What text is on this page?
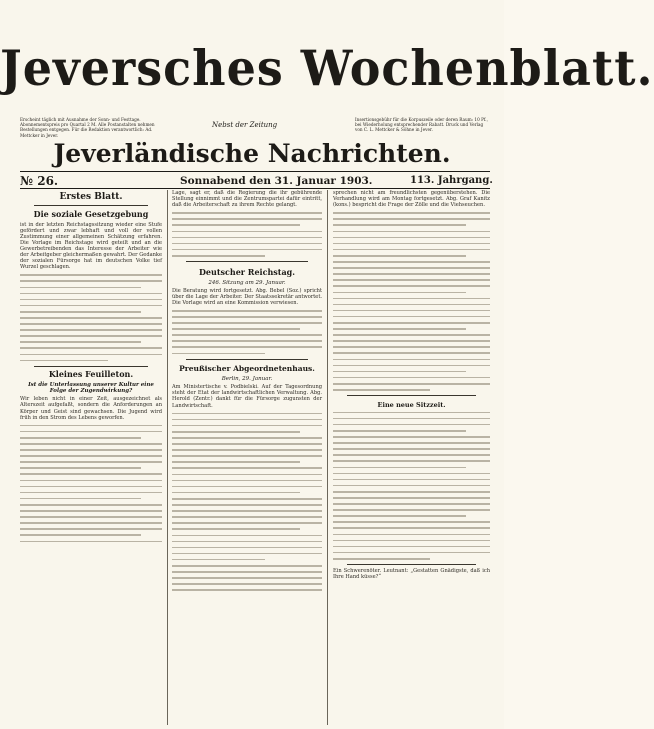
Jeversches Wochenblatt.
Erscheint täglich mit Ausnahme der Sonn- und Festtage. Abonnementspreis pro Quartal 2 M. Alle Postanstalten nehmen Bestellungen entgegen. Für die Redaktion verantwortlich: Ad. Mettcker in Jever.
Nebst der Zeitung
Insertionsgebühr für die Korpuszeile oder deren Raum: 10 Pf., bei Wiederholung entsprechender Rabatt. Druck und Verlag von C. L. Mettcker & Söhne in Jever.
Jeverländische Nachrichten.
№ 26.	Sonnabend den 31. Januar 1903.	113. Jahrgang.
Erstes Blatt.
Die soziale Gesetzgebung
ist in der letzten Reichstagssitzung wieder eine Stufe gefördert und zwar lebhaft und voll der vollen Zustimmung einer allgemeinen Schätzung erfahren. Die Vorlage im Reichstage wird geteilt und an die Gewerbetreibenden das Interesse der Arbeiter wie der Arbeitgeber gleichermaßen gewahrt. Der Gedanke der sozialen Fürsorge hat im deutschen Volke tief Wurzel geschlagen.
Kleines Feuilleton.
Ist die Unterlassung unserer Kultur eine Folge der Zugendwirkung?
Wir leben nicht in einer Zeit, ausgezeichnet als Alterszeit aufgefaßt, sondern die Anforderungen an Körper und Geist sind gewachsen. Die Jugend wird früh in den Strom des Lebens geworfen.
Lage, sagt er, daß die Regierung die ihr gebührende Stellung einnimmt und die Zentrumspartei dafür eintritt, daß die Arbeiterschaft zu ihrem Rechte gelangt.
Deutscher Reichstag.
246. Sitzung am 29. Januar.
Die Beratung wird fortgesetzt. Abg. Bebel (Soz.) spricht über die Lage der Arbeiter. Der Staatssekretär antwortet. Die Vorlage wird an eine Kommission verwiesen.
Preußischer Abgeordnetenhaus.
Berlin, 29. Januar.
Am Ministertische v. Podbielski. Auf der Tagesordnung steht der Etat der landwirtschaftlichen Verwaltung. Abg. Herold (Zentr.) dankt für die Fürsorge zugunsten der Landwirtschaft.
sprechen nicht am freundlichsten gegenüberstehen. Die Verhandlung wird am Montag fortgesetzt. Abg. Graf Kanitz (kons.) bespricht die Frage der Zölle und die Viehseuchen.
Eine neue Sitzzeit.
Ein Schwerenöter. Leutnant: „Gestatten Gnädigste, daß ich Ihre Hand küsse?“
